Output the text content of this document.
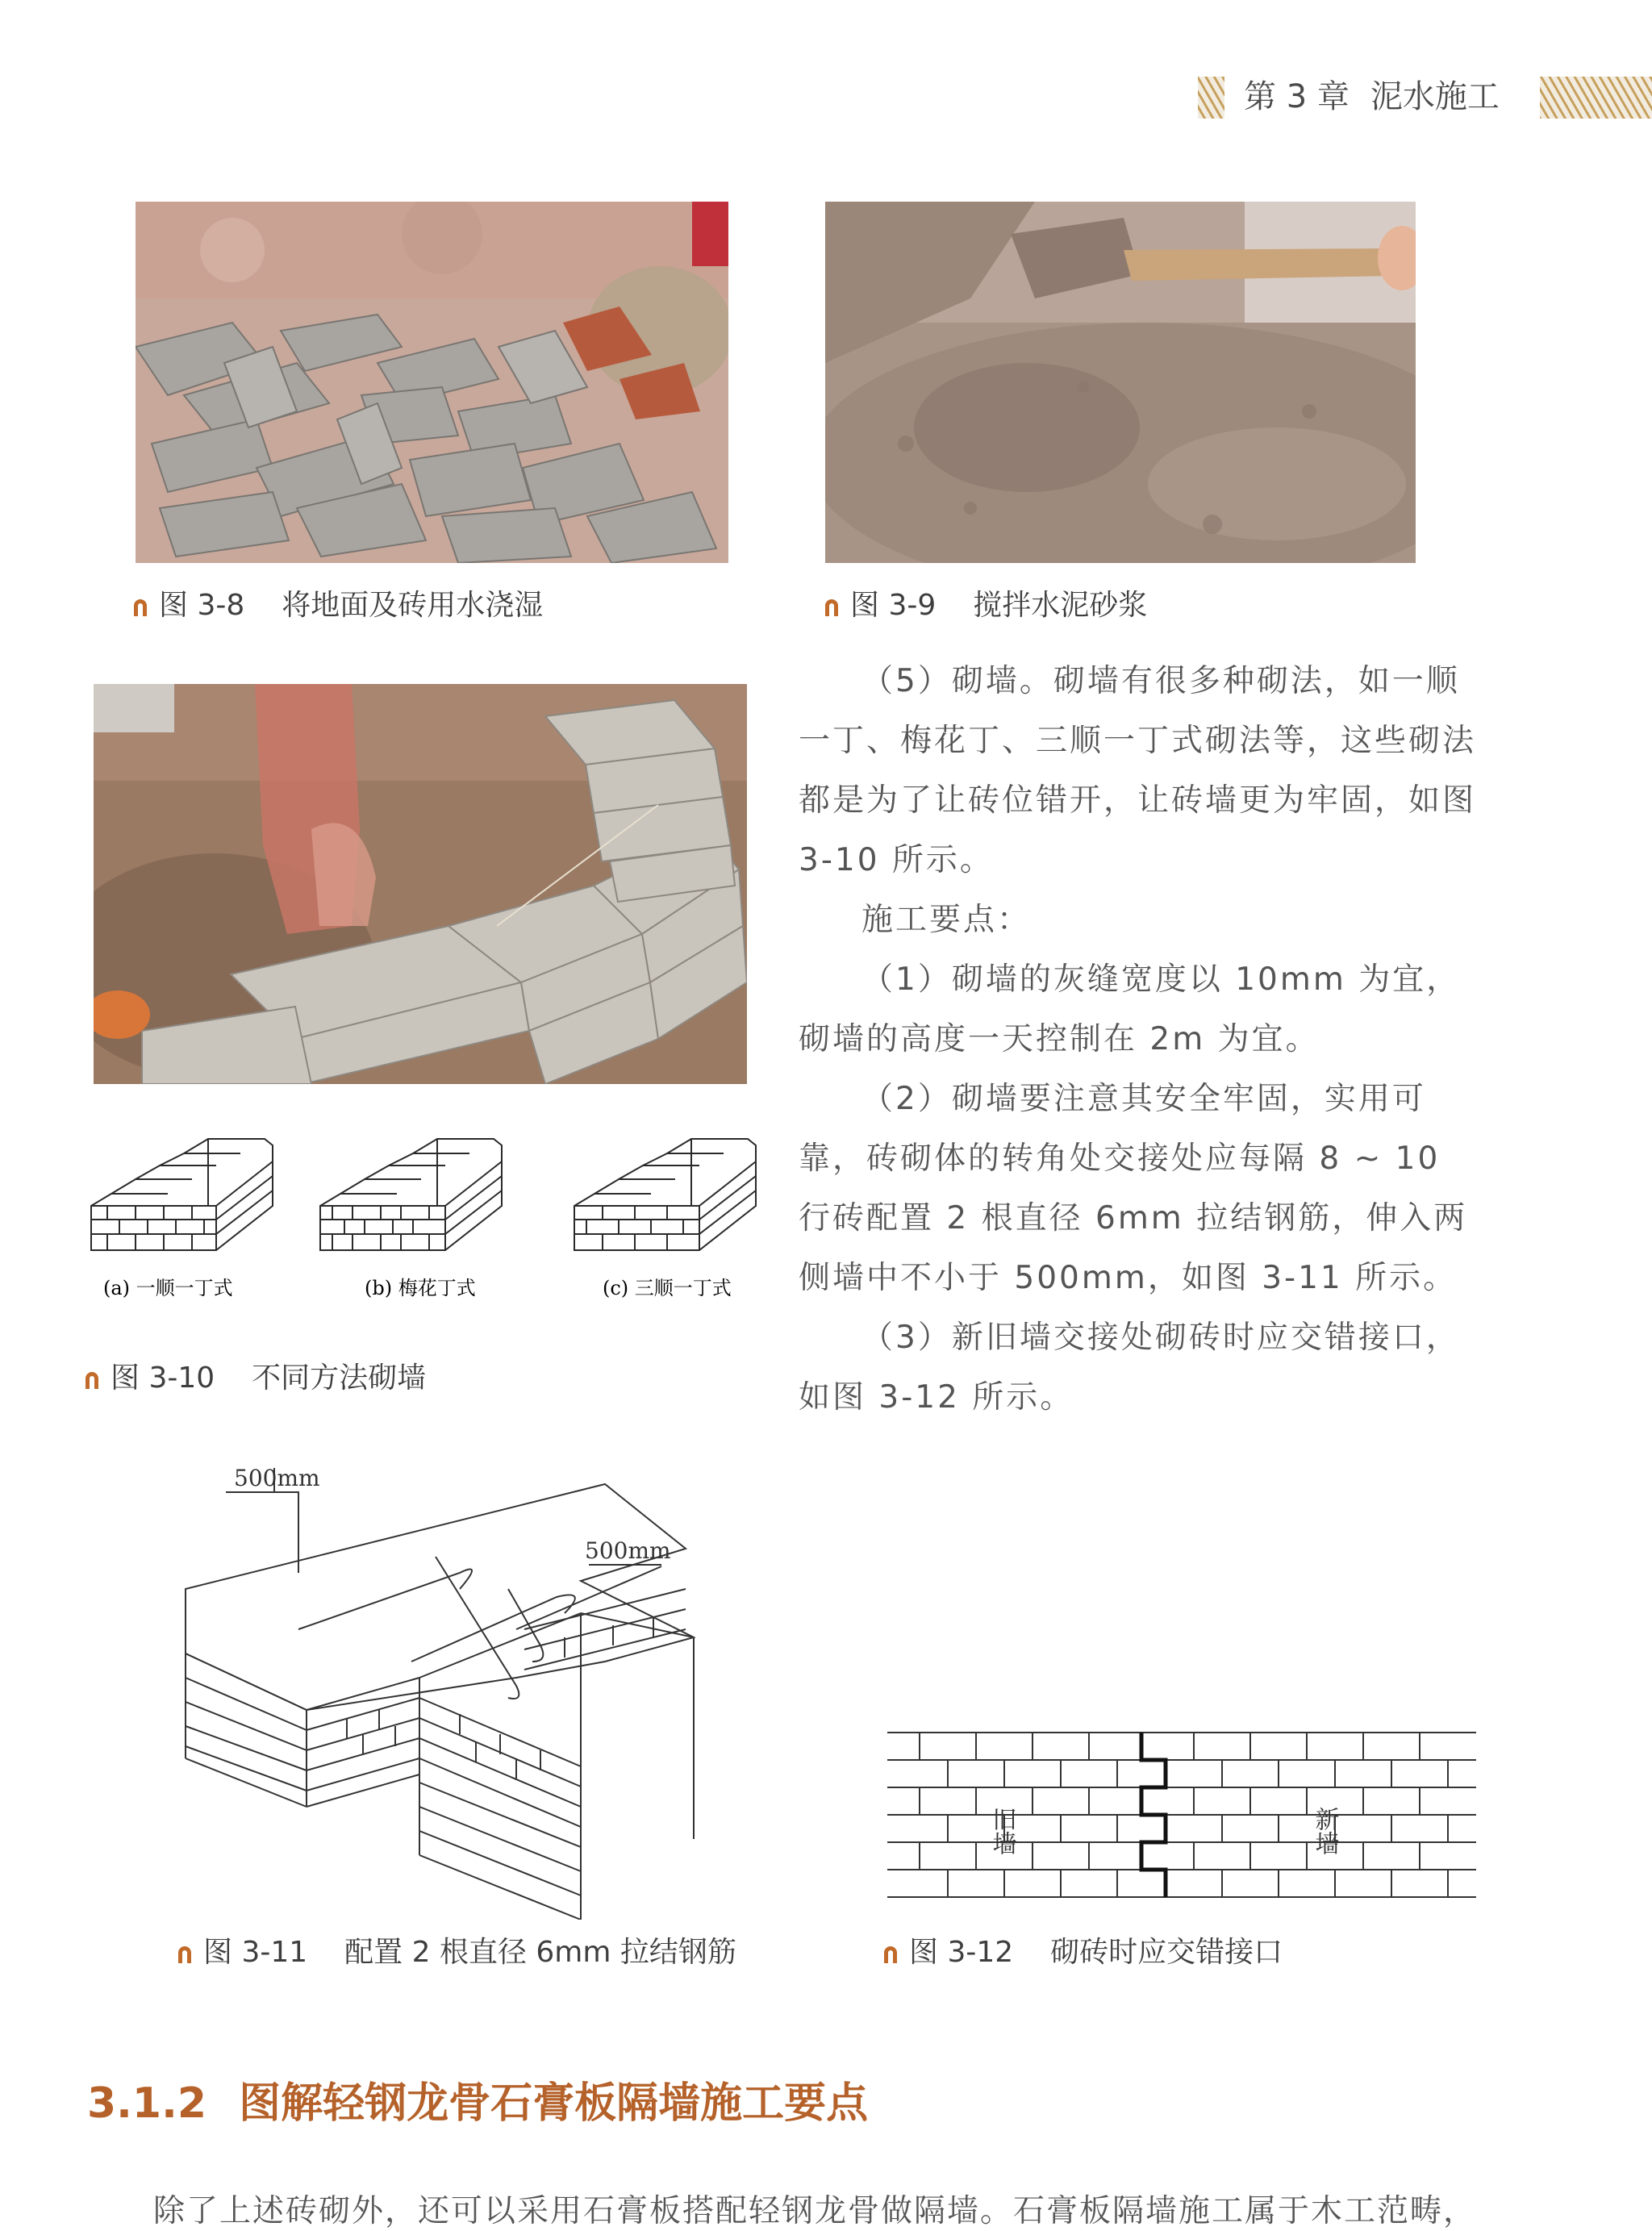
第 3 章 泥水施工
图 3-8 将地面及砖用水浇湿	图 3-9 搅拌水泥砂浆
(a) 一顺一丁式	(b) 梅花丁式	(c) 三顺一丁式
图 3-10 不同方法砌墙

（5）砌墙。砌墙有很多种砌法，如一顺一丁、梅花丁、三顺一丁式砌法等，这些砌法都是为了让砖位错开，让砖墙更为牢固，如图 3-10 所示。

施工要点：

（1）砌墙的灰缝宽度以 10mm 为宜，砌墙的高度一天控制在 2m 为宜。

（2）砌墙要注意其安全牢固，实用可靠，砖砌体的转角处交接处应每隔 8 ~ 10 行砖配置 2 根直径 6mm 拉结钢筋，伸入两侧墙中不小于 500mm，如图 3-11 所示。

（3）新旧墙交接处砌砖时应交错接口，如图 3-12 所示。

500mm
500mm
图 3-11 配置 2 根直径 6mm 拉结钢筋
旧墙	新墙
图 3-12 砌砖时应交错接口
3.1.2 图解轻钢龙骨石膏板隔墙施工要点
除了上述砖砌外，还可以采用石膏板搭配轻钢龙骨做隔墙。石膏板隔墙施工属于木工范畴，
